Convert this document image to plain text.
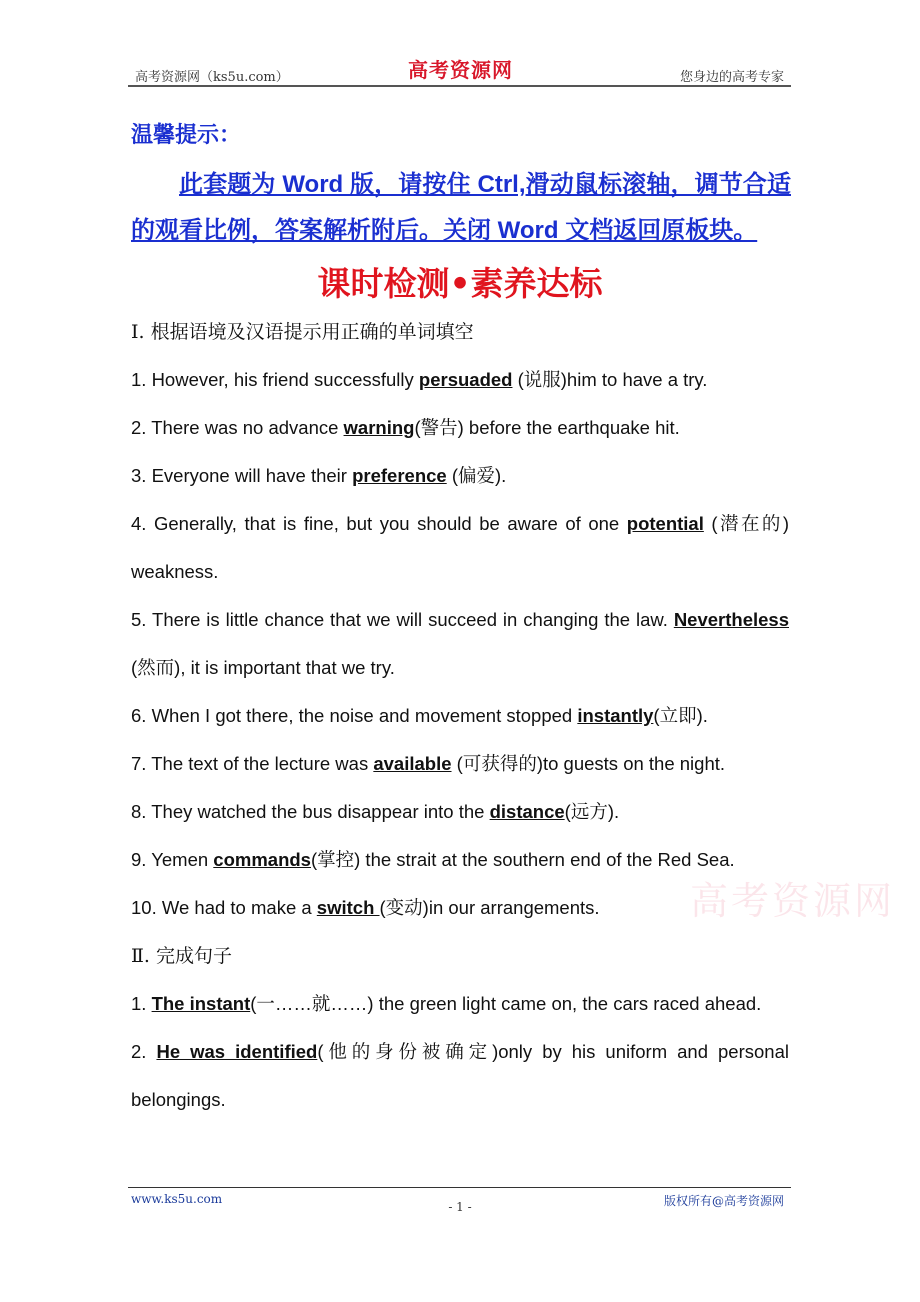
高考资源网（ks5u.com）	高考资源网	您身边的高考专家
温馨提示：
此套题为 Word 版，请按住 Ctrl,滑动鼠标滚轴，调节合适的观看比例，答案解析附后。关闭 Word 文档返回原板块。
课时检测•素养达标
高考资源网

Ⅰ. 根据语境及汉语提示用正确的单词填空

1. However, his friend successfully persuaded (说服)him to have a try.

2. There was no advance warning(警告) before the earthquake hit.

3. Everyone will have their preference (偏爱).

4. Generally, that is fine, but you should be aware of one potential (潜在的) weakness.

5. There is little chance that we will succeed in changing the law. Nevertheless (然而), it is important that we try.

6. When I got there, the noise and movement stopped instantly(立即).

7. The text of the lecture was available (可获得的)to guests on the night.

8. They watched the bus disappear into the distance(远方).

9. Yemen commands(掌控) the strait at the southern end of the Red Sea.

10. We had to make a switch (变动)in our arrangements.

Ⅱ. 完成句子

1. The instant(一……就……) the green light came on, the cars raced ahead.

2. He was identified(他的身份被确定)only by his uniform and personal belongings.

www.ks5u.com
- 1 -	版权所有@高考资源网
